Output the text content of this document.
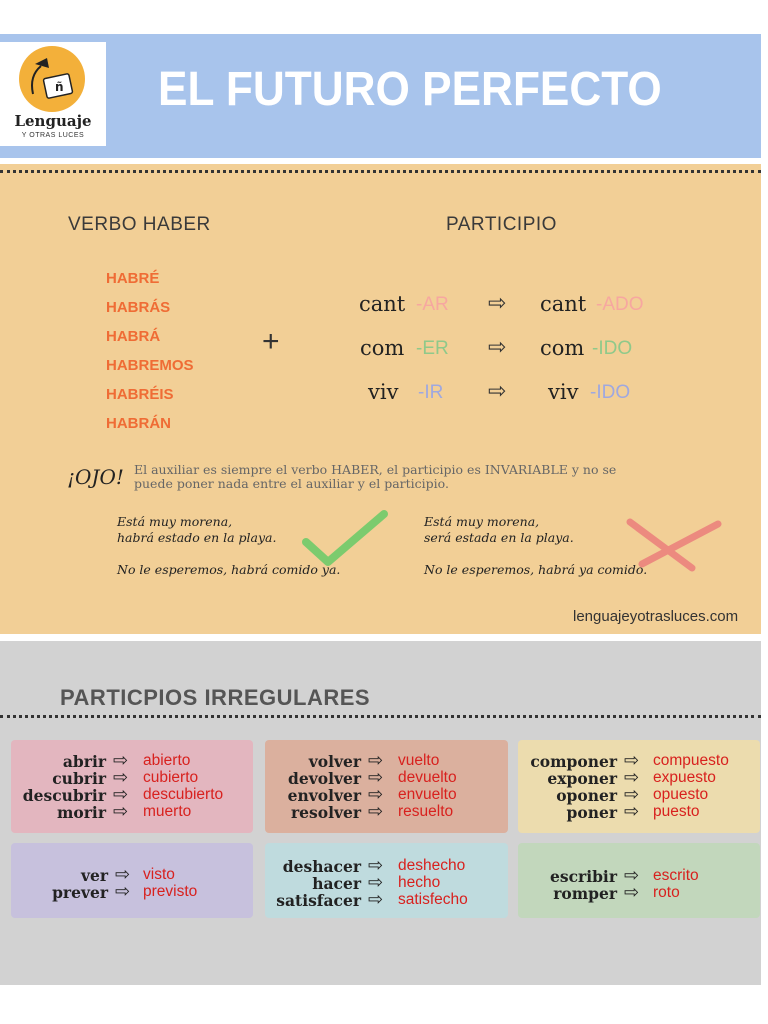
ñ
Lenguaje
Y OTRAS LUCES
EL FUTURO PERFECTO
VERBO HABER	PARTICIPIO
HABRÉ
HABRÁS
HABRÁ
HABREMOS
HABRÉIS
HABRÁN
+
cant -AR ⇨ cant -ADO
com -ER ⇨ com -IDO
viv -IR ⇨ viv -IDO
¡OJO! El auxiliar es siempre el verbo HABER, el participio es INVARIABLE y no se puede poner nada entre el auxiliar y el participio.
Está muy morena,
habrá estado en la playa.
No le esperemos, habrá comido ya.
Está muy morena,
será estada en la playa.
No le esperemos, habrá ya comido.
lenguajeyotrasluces.com
PARTICPIOS IRREGULARES
abrir ⇨ abierto
cubrir ⇨ cubierto
descubrir ⇨ descubierto
morir ⇨ muerto
volver ⇨ vuelto
devolver ⇨ devuelto
envolver ⇨ envuelto
resolver ⇨ resuelto
componer ⇨ compuesto
exponer ⇨ expuesto
oponer ⇨ opuesto
poner ⇨ puesto
ver ⇨ visto
prever ⇨ previsto
deshacer ⇨ deshecho
hacer ⇨ hecho
satisfacer ⇨ satisfecho
escribir ⇨ escrito
romper ⇨ roto
